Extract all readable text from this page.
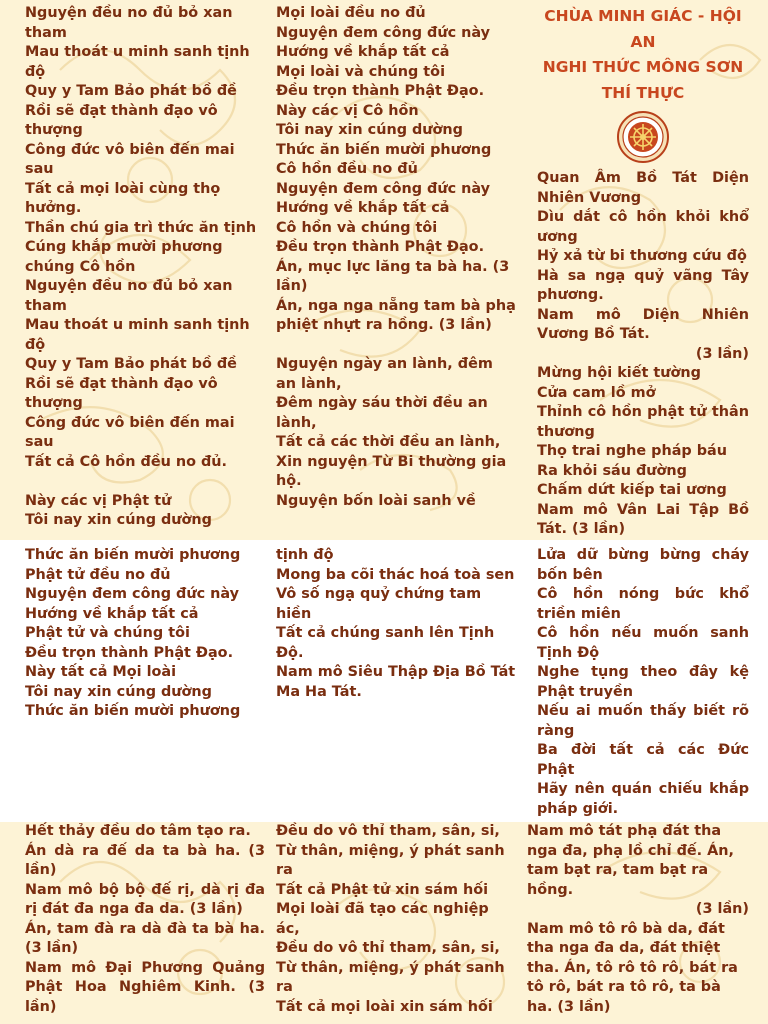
Nguyện đều no đủ bỏ xan tham

Mau thoát u minh sanh tịnh độ

Quy y Tam Bảo phát bồ đề

Rồi sẽ đạt thành đạo vô thượng

Công đức vô biên đến mai sau

Tất cả mọi loài cùng thọ hưởng.

Thần chú gia trì thức ăn tịnh

Cúng khắp mười phương chúng Cô hồn

Nguyện đều no đủ bỏ xan tham

Mau thoát u minh sanh tịnh độ

Quy y Tam Bảo phát bồ đề

Rồi sẽ đạt thành đạo vô thượng

Công đức vô biên đến mai sau

Tất cả Cô hồn đều no đủ.

Này các vị Phật tử

Tôi nay xin cúng dường

Mọi loài đều no đủ

Nguyện đem công đức này

Hướng về khắp tất cả

Mọi loài và chúng tôi

Đều trọn thành Phật Đạo.

Này các vị Cô hồn

Tôi nay xin cúng dường

Thức ăn biến mười phương

Cô hồn đều no đủ

Nguyện đem công đức này

Hướng về khắp tất cả

Cô hồn và chúng tôi

Đều trọn thành Phật Đạo.

Án, mục lực lăng ta bà ha. (3 lần)

Án, nga nga nẵng tam bà phạ phiệt nhựt ra hồng. (3 lần)

Nguyện ngày an lành, đêm an lành,

Đêm ngày sáu thời đều an lành,

Tất cả các thời đều an lành,

Xin nguyện Từ Bi thường gia hộ.

Nguyện bốn loài sanh về

CHÙA MINH GIÁC - HỘI AN

NGHI THỨC MÔNG SƠN THÍ THỰC

Quan Âm Bồ Tát Diện Nhiên Vương

Dìu dắt cô hồn khỏi khổ ương

Hỷ xả từ bi thương cứu độ

Hà sa ngạ quỷ vãng Tây phương.

Nam mô Diện Nhiên Vương Bồ Tát.

(3 lần)

Mừng hội kiết tường

Cửa cam lồ mở

Thỉnh cô hồn phật tử thân thương

Thọ trai nghe pháp báu

Ra khỏi sáu đường

Chấm dứt kiếp tai ương

Nam mô Vân Lai Tập Bồ Tát. (3 lần)

Thức ăn biến mười phương

Phật tử đều no đủ

Nguyện đem công đức này

Hướng về khắp tất cả

Phật tử và chúng tôi

Đều trọn thành Phật Đạo.

Này tất cả Mọi loài

Tôi nay xin cúng dường

Thức ăn biến mười phương

tịnh độ

Mong ba cõi thác hoá toà sen

Vô số ngạ quỷ chứng tam hiền

Tất cả chúng sanh lên Tịnh Độ.

Nam mô Siêu Thập Địa Bồ Tát Ma Ha Tát.

Lửa dữ bừng bừng cháy bốn bên

Cô hồn nóng bức khổ triền miên

Cô hồn nếu muốn sanh Tịnh Độ

Nghe tụng theo đây kệ Phật truyền

Nếu ai muốn thấy biết rõ ràng

Ba đời tất cả các Đức Phật

Hãy nên quán chiếu khắp pháp giới.

Hết thảy đều do tâm tạo ra.

Án dà ra đế da ta bà ha. (3 lần)

Nam mô bộ bộ đế rị, dà rị đa rị đát đa nga đa da. (3 lần)

Án, tam đà ra dà đà ta bà ha. (3 lần)

Nam mô Đại Phương Quảng Phật Hoa Nghiêm Kinh. (3 lần)

Đều do vô thỉ tham, sân, si,

Từ thân, miệng, ý phát sanh ra

Tất cả Phật tử xin sám hối

Mọi loài đã tạo các nghiệp ác,

Đều do vô thỉ tham, sân, si,

Từ thân, miệng, ý phát sanh ra

Tất cả mọi loài xin sám hối

Nam mô tát phạ đát tha nga đa, phạ lồ chỉ đế. Án, tam bạt ra, tam bạt ra hồng.

(3 lần)

Nam mô tô rô bà da, đát tha nga đa da, đát thiệt tha. Án, tô rô tô rô, bát ra tô rô, bát ra tô rô, ta bà ha. (3 lần)
